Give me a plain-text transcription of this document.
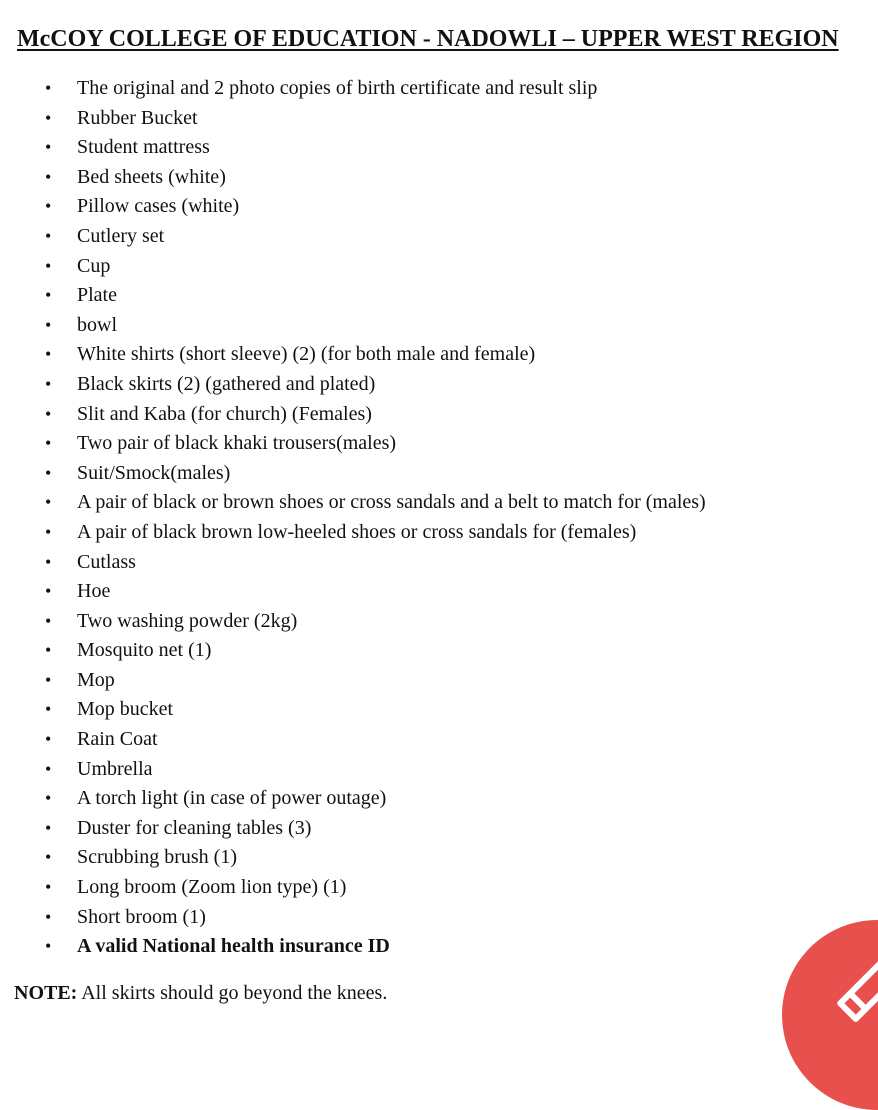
McCOY COLLEGE OF EDUCATION - NADOWLI – UPPER WEST REGION
• The original and 2 photo copies of birth certificate and result slip
• Rubber Bucket
• Student mattress
• Bed sheets (white)
• Pillow cases (white)
• Cutlery set
• Cup
• Plate
• bowl
• White shirts (short sleeve) (2) (for both male and female)
• Black skirts (2) (gathered and plated)
• Slit and Kaba (for church) (Females)
• Two pair of black khaki trousers(males)
• Suit/Smock(males)
• A pair of black or brown shoes or cross sandals and a belt to match for (males)
• A pair of black brown low-heeled shoes or cross sandals for (females)
• Cutlass
• Hoe
• Two washing powder (2kg)
• Mosquito net (1)
• Mop
• Mop bucket
• Rain Coat
• Umbrella
• A torch light (in case of power outage)
• Duster for cleaning tables (3)
• Scrubbing brush (1)
• Long broom (Zoom lion type) (1)
• Short broom (1)
• A valid National health insurance ID

NOTE: All skirts should go beyond the knees.
